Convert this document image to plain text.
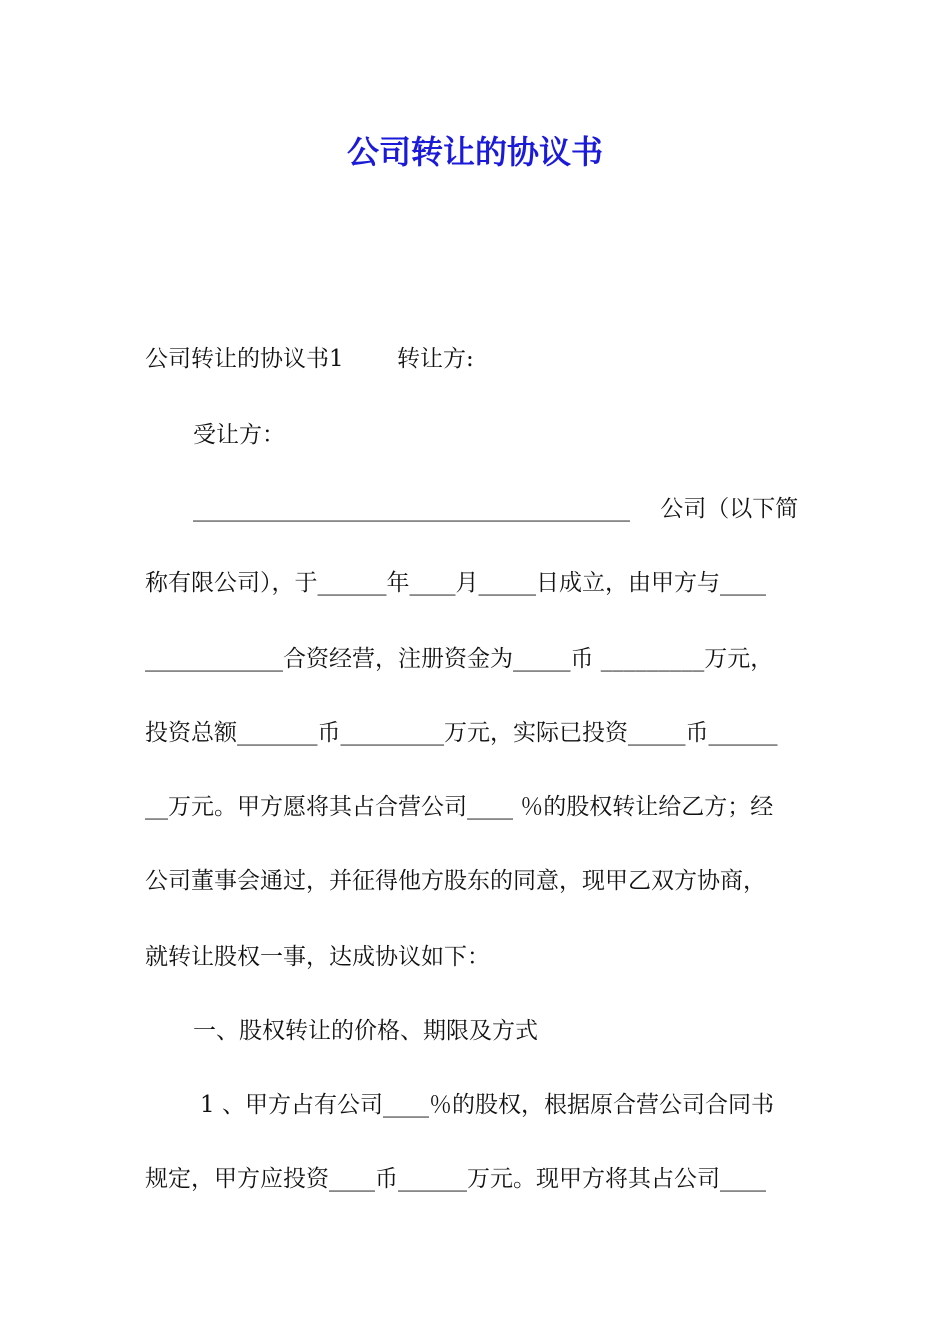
公司转让的协议书

公司转让的协议书1　　 转让方:

受让方：

______________________________________　 公司（以下简

称有限公司），于______年____月_____日成立，由甲方与____

____________合资经营，注册资金为_____币 _________万元，

投资总额_______币_________万元，实际已投资_____币______

__万元。甲方愿将其占合营公司____ ％的股权转让给乙方；经

公司董事会通过，并征得他方股东的同意，现甲乙双方协商，

就转让股权一事，达成协议如下：

一、股权转让的价格、期限及方式

1 、甲方占有公司____％的股权，根据原合营公司合同书

规定，甲方应投资____币______万元。现甲方将其占公司____
